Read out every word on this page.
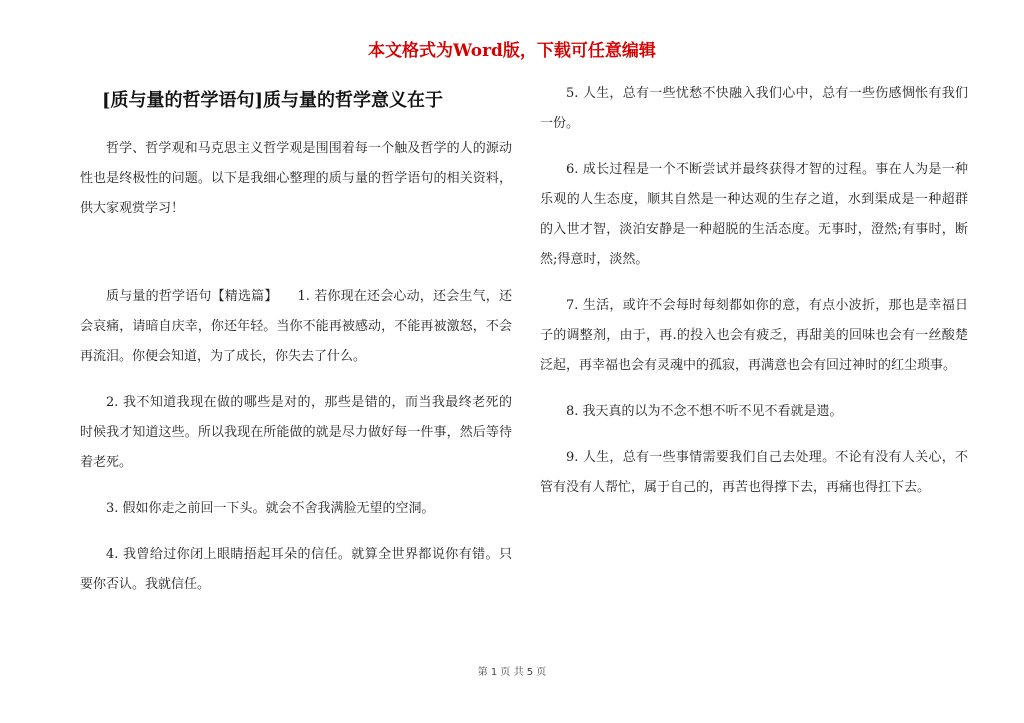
本文格式为Word版，下载可任意编辑
[质与量的哲学语句]质与量的哲学意义在于

哲学、哲学观和马克思主义哲学观是围围着每一个触及哲学的人的源动性也是终极性的问题。以下是我细心整理的质与量的哲学语句的相关资料，供大家观赏学习！

质与量的哲学语句【精选篇】　　1. 若你现在还会心动，还会生气，还会哀痛，请暗自庆幸，你还年轻。当你不能再被感动，不能再被激怒，不会再流泪。你便会知道，为了成长，你失去了什么。

2. 我不知道我现在做的哪些是对的，那些是错的，而当我最终老死的时候我才知道这些。所以我现在所能做的就是尽力做好每一件事，然后等待着老死。

3. 假如你走之前回一下头。就会不舍我满脸无望的空洞。

4. 我曾给过你闭上眼睛捂起耳朵的信任。就算全世界都说你有错。只要你否认。我就信任。

5. 人生，总有一些忧愁不快融入我们心中，总有一些伤感惆怅有我们一份。

6. 成长过程是一个不断尝试并最终获得才智的过程。事在人为是一种乐观的人生态度，顺其自然是一种达观的生存之道，水到渠成是一种超群的入世才智，淡泊安静是一种超脱的生活态度。无事时，澄然;有事时，断然;得意时，淡然。

7. 生活，或许不会每时每刻都如你的意，有点小波折，那也是幸福日子的调整剂，由于，再.的投入也会有疲乏，再甜美的回味也会有一丝酸楚泛起，再幸福也会有灵魂中的孤寂，再满意也会有回过神时的红尘琐事。

8. 我天真的以为不念不想不听不见不看就是遗。

9. 人生，总有一些事情需要我们自己去处理。不论有没有人关心，不管有没有人帮忙，属于自己的，再苦也得撑下去，再痛也得扛下去。

第 1 页 共 5 页
